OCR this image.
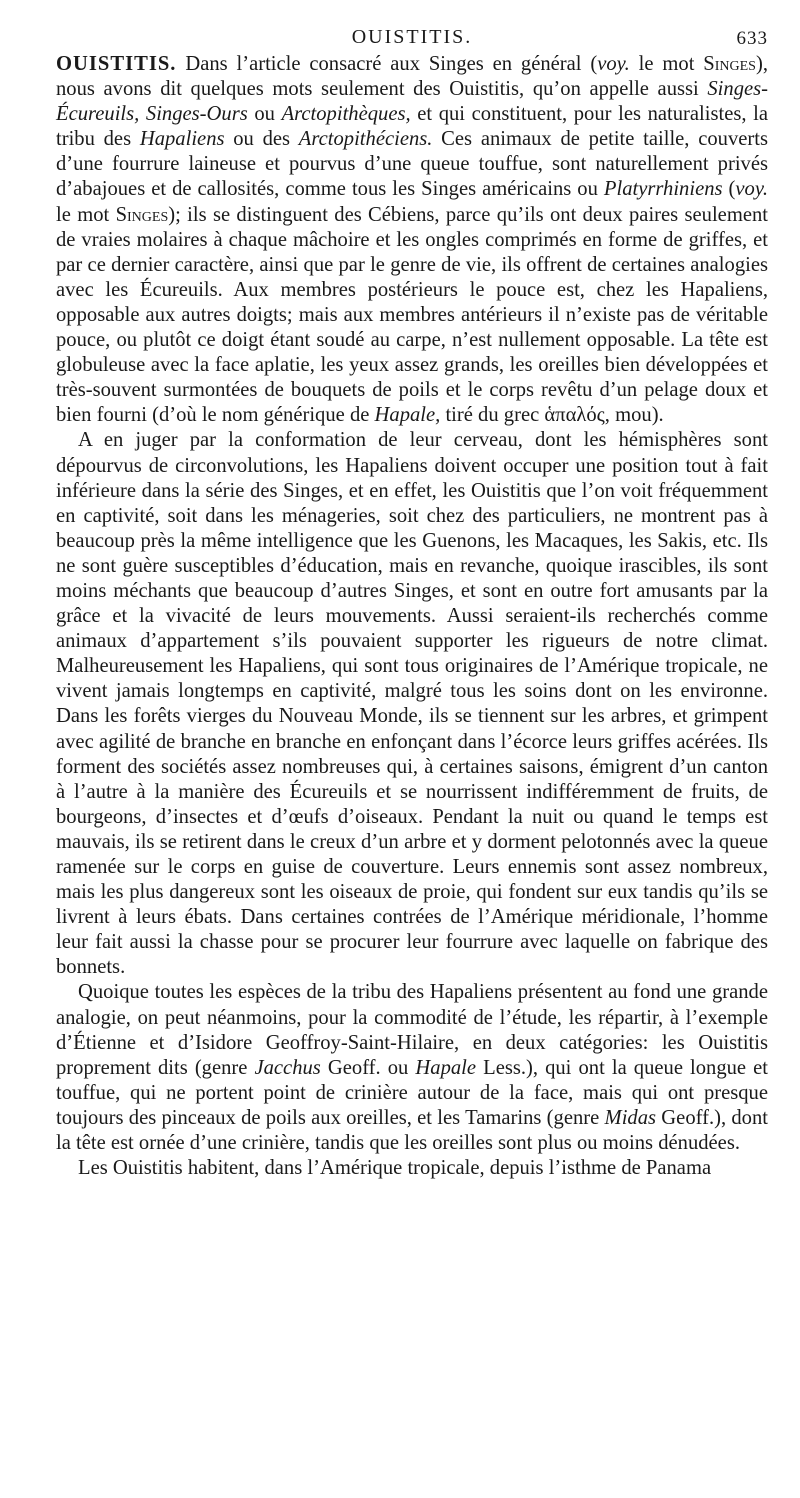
OUISTITIS.	633

OUISTITIS. Dans l’article consacré aux Singes en général (voy. le mot Singes), nous avons dit quelques mots seulement des Ouistitis, qu’on appelle aussi Singes-Écureuils, Singes-Ours ou Arctopithèques, et qui constituent, pour les naturalistes, la tribu des Hapaliens ou des Arctopithéciens. Ces animaux de petite taille, couverts d’une fourrure laineuse et pourvus d’une queue touffue, sont naturellement privés d’abajoues et de callosités, comme tous les Singes américains ou Platyrrhiniens (voy. le mot Singes); ils se distinguent des Cébiens, parce qu’ils ont deux paires seulement de vraies molaires à chaque mâchoire et les ongles comprimés en forme de griffes, et par ce dernier caractère, ainsi que par le genre de vie, ils offrent de certaines analogies avec les Écureuils. Aux membres postérieurs le pouce est, chez les Hapaliens, opposable aux autres doigts; mais aux membres antérieurs il n’existe pas de véritable pouce, ou plutôt ce doigt étant soudé au carpe, n’est nullement opposable. La tête est globuleuse avec la face aplatie, les yeux assez grands, les oreilles bien développées et très-souvent surmontées de bouquets de poils et le corps revêtu d’un pelage doux et bien fourni (d’où le nom générique de Hapale, tiré du grec ἁπαλός, mou).

A en juger par la conformation de leur cerveau, dont les hémisphères sont dépourvus de circonvolutions, les Hapaliens doivent occuper une position tout à fait inférieure dans la série des Singes, et en effet, les Ouistitis que l’on voit fréquemment en captivité, soit dans les ménageries, soit chez des particuliers, ne montrent pas à beaucoup près la même intelligence que les Guenons, les Macaques, les Sakis, etc. Ils ne sont guère susceptibles d’éducation, mais en revanche, quoique irascibles, ils sont moins méchants que beaucoup d’autres Singes, et sont en outre fort amusants par la grâce et la vivacité de leurs mouvements. Aussi seraient-ils recherchés comme animaux d’appartement s’ils pouvaient supporter les rigueurs de notre climat. Malheureusement les Hapaliens, qui sont tous originaires de l’Amérique tropicale, ne vivent jamais longtemps en captivité, malgré tous les soins dont on les environne. Dans les forêts vierges du Nouveau Monde, ils se tiennent sur les arbres, et grimpent avec agilité de branche en branche en enfonçant dans l’écorce leurs griffes acérées. Ils forment des sociétés assez nombreuses qui, à certaines saisons, émigrent d’un canton à l’autre à la manière des Écureuils et se nourrissent indifféremment de fruits, de bourgeons, d’insectes et d’œufs d’oiseaux. Pendant la nuit ou quand le temps est mauvais, ils se retirent dans le creux d’un arbre et y dorment pelotonnés avec la queue ramenée sur le corps en guise de couverture. Leurs ennemis sont assez nombreux, mais les plus dangereux sont les oiseaux de proie, qui fondent sur eux tandis qu’ils se livrent à leurs ébats. Dans certaines contrées de l’Amérique méridionale, l’homme leur fait aussi la chasse pour se procurer leur fourrure avec laquelle on fabrique des bonnets.

Quoique toutes les espèces de la tribu des Hapaliens présentent au fond une grande analogie, on peut néanmoins, pour la commodité de l’étude, les répartir, à l’exemple d’Étienne et d’Isidore Geoffroy-Saint-Hilaire, en deux catégories: les Ouistitis proprement dits (genre Jacchus Geoff. ou Hapale Less.), qui ont la queue longue et touffue, qui ne portent point de crinière autour de la face, mais qui ont presque toujours des pinceaux de poils aux oreilles, et les Tamarins (genre Midas Geoff.), dont la tête est ornée d’une crinière, tandis que les oreilles sont plus ou moins dénudées.

Les Ouistitis habitent, dans l’Amérique tropicale, depuis l’isthme de Panama
